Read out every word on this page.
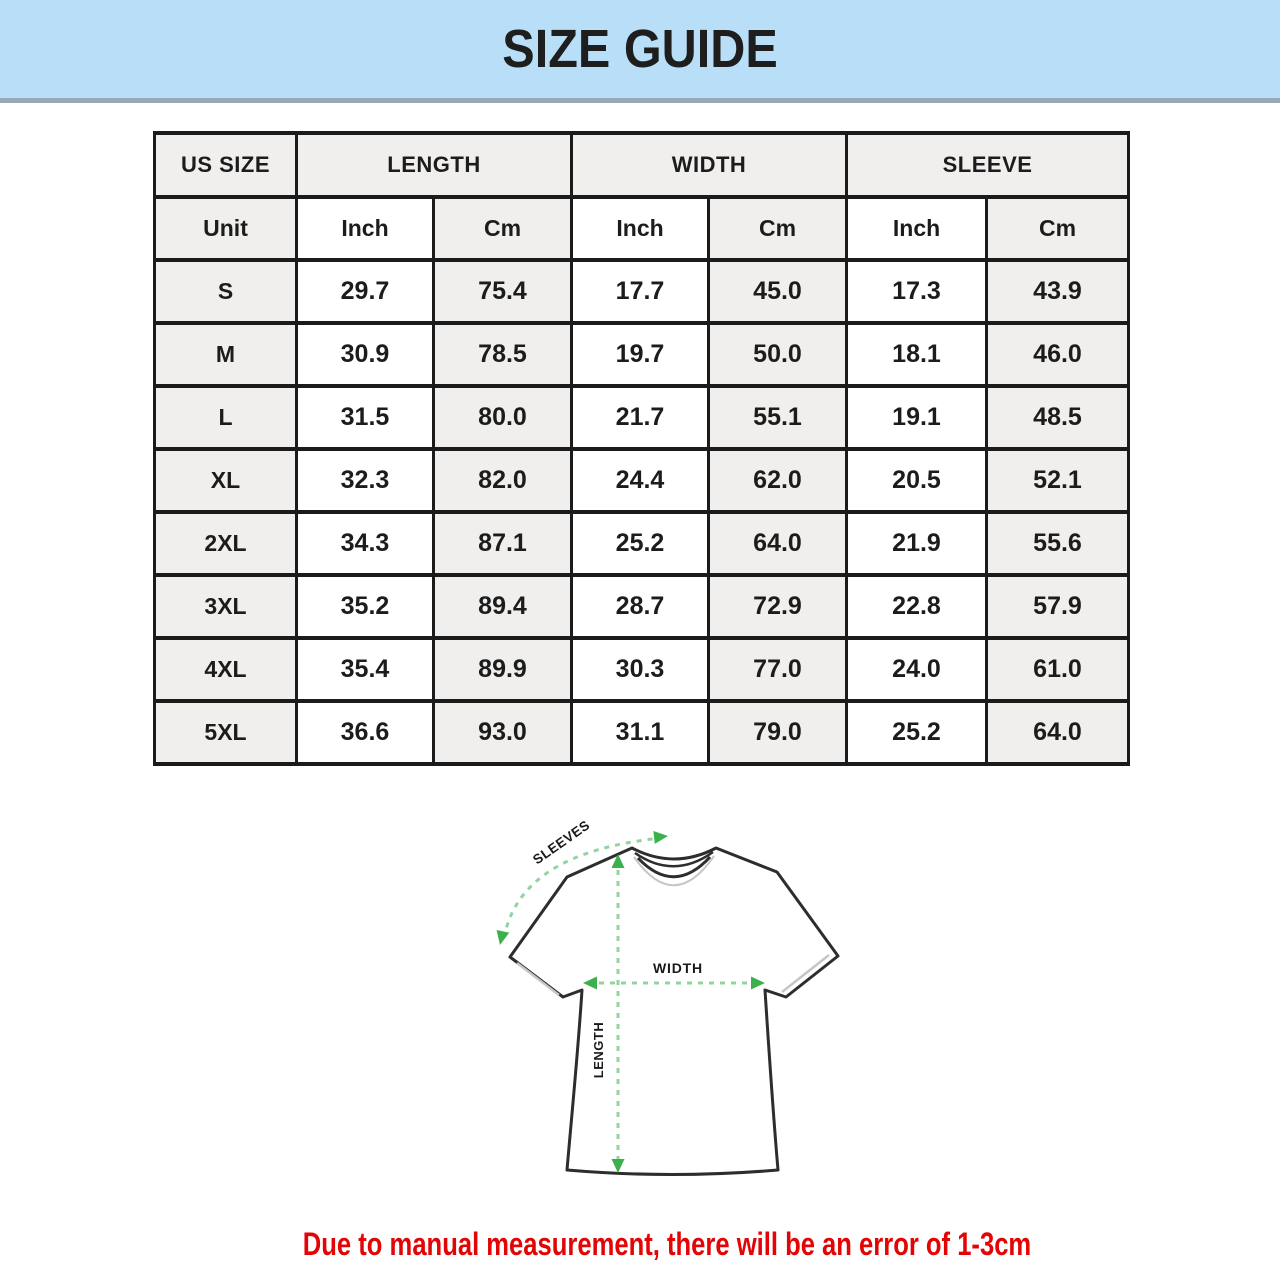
SIZE GUIDE
US SIZE	LENGTH		WIDTH		SLEEVE	
Unit	Inch	Cm	Inch	Cm	Inch	Cm
S	29.7	75.4	17.7	45.0	17.3	43.9
M	30.9	78.5	19.7	50.0	18.1	46.0
L	31.5	80.0	21.7	55.1	19.1	48.5
XL	32.3	82.0	24.4	62.0	20.5	52.1
2XL	34.3	87.1	25.2	64.0	21.9	55.6
3XL	35.2	89.4	28.7	72.9	22.8	57.9
4XL	35.4	89.9	30.3	77.0	24.0	61.0
5XL	36.6	93.0	31.1	79.0	25.2	64.0
SLEEVES
WIDTH
LENGTH

Due to manual measurement, there will be an error of 1-3cm
